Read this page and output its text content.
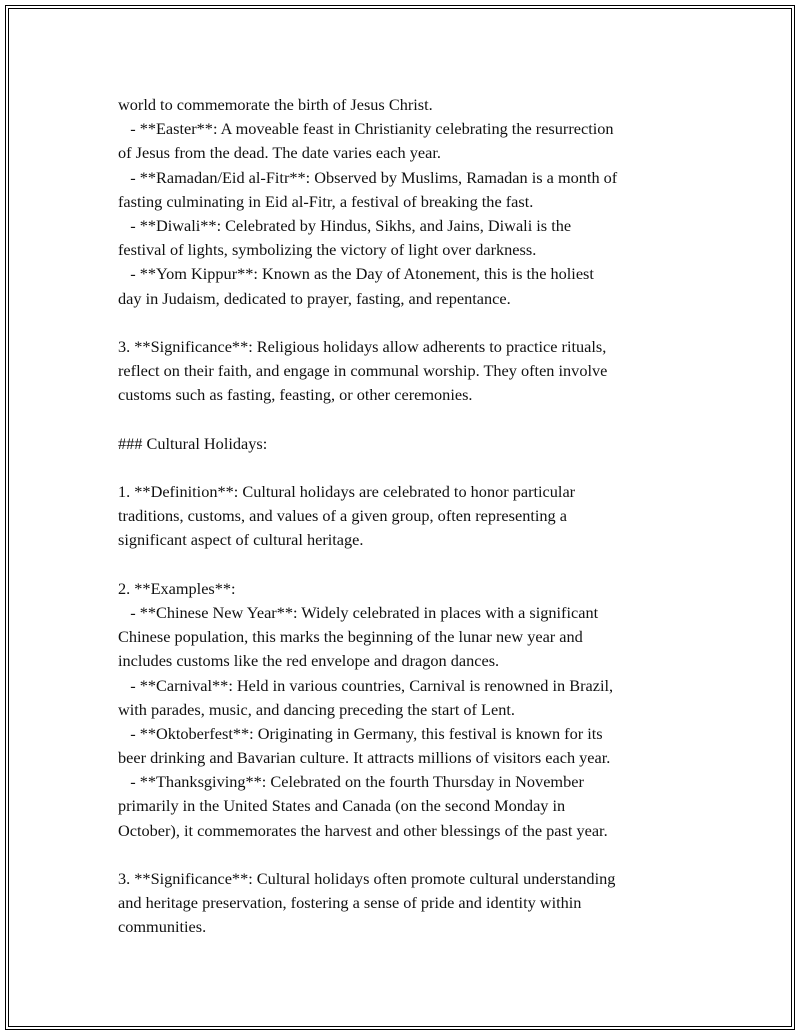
world to commemorate the birth of Jesus Christ.
- **Easter**: A moveable feast in Christianity celebrating the resurrection
of Jesus from the dead. The date varies each year.
- **Ramadan/Eid al-Fitr**: Observed by Muslims, Ramadan is a month of
fasting culminating in Eid al-Fitr, a festival of breaking the fast.
- **Diwali**: Celebrated by Hindus, Sikhs, and Jains, Diwali is the
festival of lights, symbolizing the victory of light over darkness.
- **Yom Kippur**: Known as the Day of Atonement, this is the holiest
day in Judaism, dedicated to prayer, fasting, and repentance.
3. **Significance**: Religious holidays allow adherents to practice rituals,
reflect on their faith, and engage in communal worship. They often involve
customs such as fasting, feasting, or other ceremonies.
### Cultural Holidays:
1. **Definition**: Cultural holidays are celebrated to honor particular
traditions, customs, and values of a given group, often representing a
significant aspect of cultural heritage.
2. **Examples**:
- **Chinese New Year**: Widely celebrated in places with a significant
Chinese population, this marks the beginning of the lunar new year and
includes customs like the red envelope and dragon dances.
- **Carnival**: Held in various countries, Carnival is renowned in Brazil,
with parades, music, and dancing preceding the start of Lent.
- **Oktoberfest**: Originating in Germany, this festival is known for its
beer drinking and Bavarian culture. It attracts millions of visitors each year.
- **Thanksgiving**: Celebrated on the fourth Thursday in November
primarily in the United States and Canada (on the second Monday in
October), it commemorates the harvest and other blessings of the past year.
3. **Significance**: Cultural holidays often promote cultural understanding
and heritage preservation, fostering a sense of pride and identity within
communities.
